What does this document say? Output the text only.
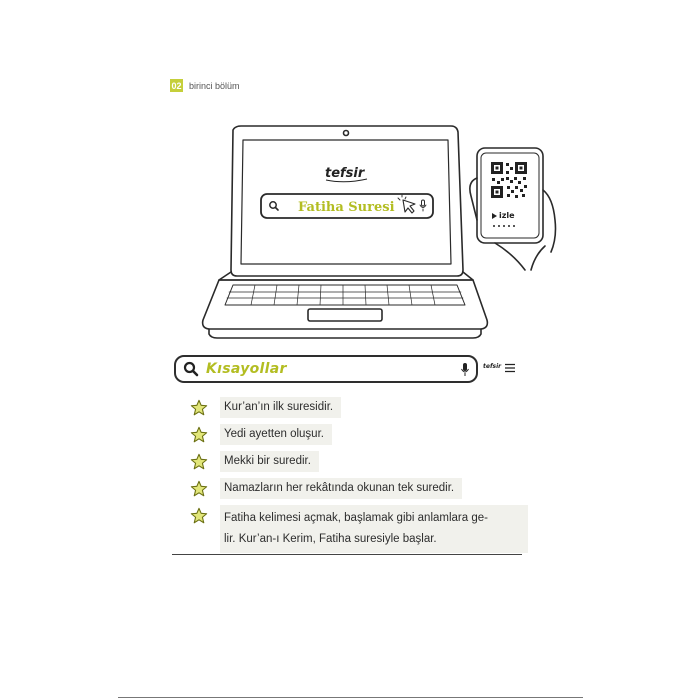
02 birinci bölüm
tefsir
Fatiha Suresi
izle
Kısayollar	tefsir
Kur’an’ın ilk suresidir.
Yedi ayetten oluşur.
Mekki bir suredir.
Namazların her rekâtında okunan tek suredir.
Fatiha kelimesi açmak, başlamak gibi anlamlara ge-
lir. Kur’an-ı Kerim, Fatiha suresiyle başlar.
